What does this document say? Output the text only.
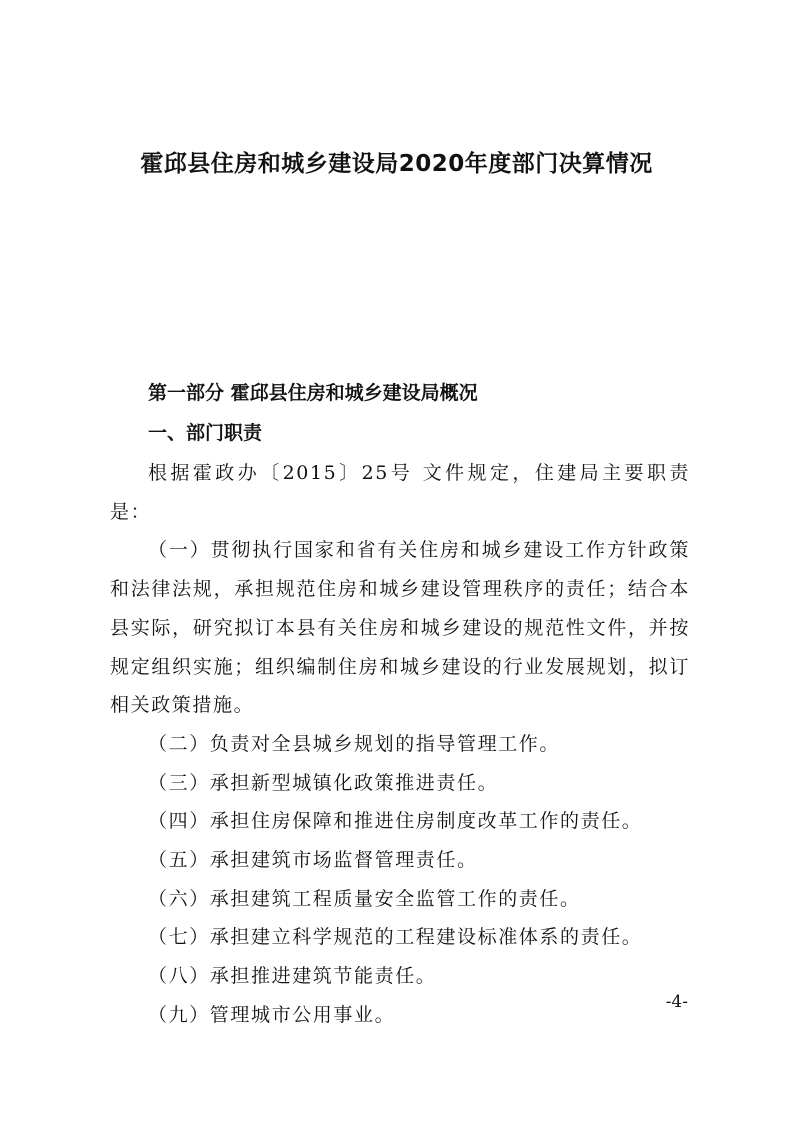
霍邱县住房和城乡建设局2020年度部门决算情况
第一部分 霍邱县住房和城乡建设局概况
一、部门职责

根据霍政办〔2015〕25号 文件规定，住建局主要职责是：

（一）贯彻执行国家和省有关住房和城乡建设工作方针政策和法律法规，承担规范住房和城乡建设管理秩序的责任；结合本县实际，研究拟订本县有关住房和城乡建设的规范性文件，并按规定组织实施；组织编制住房和城乡建设的行业发展规划，拟订相关政策措施。

（二）负责对全县城乡规划的指导管理工作。

（三）承担新型城镇化政策推进责任。

（四）承担住房保障和推进住房制度改革工作的责任。

（五）承担建筑市场监督管理责任。

（六）承担建筑工程质量安全监管工作的责任。

（七）承担建立科学规范的工程建设标准体系的责任。

（八）承担推进建筑节能责任。

（九）管理城市公用事业。

-4-
